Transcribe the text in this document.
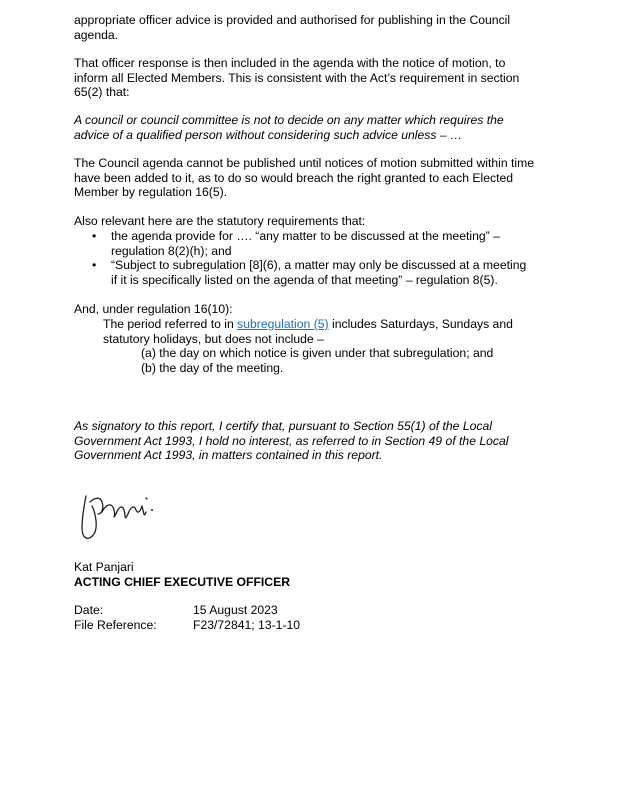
appropriate officer advice is provided and authorised for publishing in the Council

agenda.

That officer response is then included in the agenda with the notice of motion, to

inform all Elected Members. This is consistent with the Act’s requirement in section

65(2) that:

A council or council committee is not to decide on any matter which requires the

advice of a qualified person without considering such advice unless – …

The Council agenda cannot be published until notices of motion submitted within time

have been added to it, as to do so would breach the right granted to each Elected

Member by regulation 16(5).

Also relevant here are the statutory requirements that:

• the agenda provide for …. “any matter to be discussed at the meeting” –

regulation 8(2)(h); and

• “Subject to subregulation [8](6), a matter may only be discussed at a meeting

if it is specifically listed on the agenda of that meeting” – regulation 8(5).

And, under regulation 16(10):

The period referred to in subregulation (5) includes Saturdays, Sundays and

statutory holidays, but does not include –

(a) the day on which notice is given under that subregulation; and

(b) the day of the meeting.

As signatory to this report, I certify that, pursuant to Section 55(1) of the Local

Government Act 1993, I hold no interest, as referred to in Section 49 of the Local

Government Act 1993, in matters contained in this report.

Kat Panjari

ACTING CHIEF EXECUTIVE OFFICER

Date:	15 August 2023
File Reference:	F23/72841; 13-1-10
